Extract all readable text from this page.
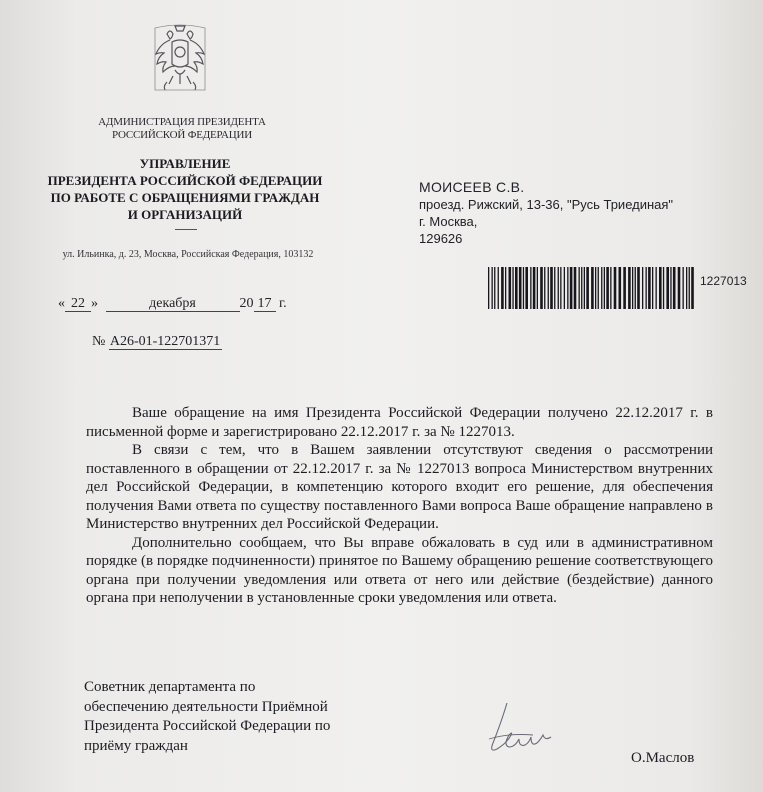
АДМИНИСТРАЦИЯ ПРЕЗИДЕНТА
РОССИЙСКОЙ ФЕДЕРАЦИИ
УПРАВЛЕНИЕ
ПРЕЗИДЕНТА РОССИЙСКОЙ ФЕДЕРАЦИИ
ПО РАБОТЕ С ОБРАЩЕНИЯМИ ГРАЖДАН
И ОРГАНИЗАЦИЙ
ул. Ильинка, д. 23, Москва, Российская Федерация, 103132
МОИСЕЕВ С.В.
проезд. Рижский, 13-36, "Русь Триединая"
г. Москва,
129626
1227013
« 22 »	декабря	20 17 г.
№ А26-01-122701371

Ваше обращение на имя Президента Российской Федерации получено 22.12.2017 г. в письменной форме и зарегистрировано 22.12.2017 г. за № 1227013.

В связи с тем, что в Вашем заявлении отсутствуют сведения о рассмотрении поставленного в обращении от 22.12.2017 г. за № 1227013 вопроса Министерством внутренних дел Российской Федерации, в компетенцию которого входит его решение, для обеспечения получения Вами ответа по существу поставленного Вами вопроса Ваше обращение направлено в Министерство внутренних дел Российской Федерации.

Дополнительно сообщаем, что Вы вправе обжаловать в суд или в административном порядке (в порядке подчиненности) принятое по Вашему обращению решение соответствующего органа при получении уведомления или ответа от него или действие (бездействие) данного органа при неполучении в установленные сроки уведомления или ответа.

Советник департамента по
обеспечению деятельности Приёмной
Президента Российской Федерации по
приёму граждан
О.Маслов
